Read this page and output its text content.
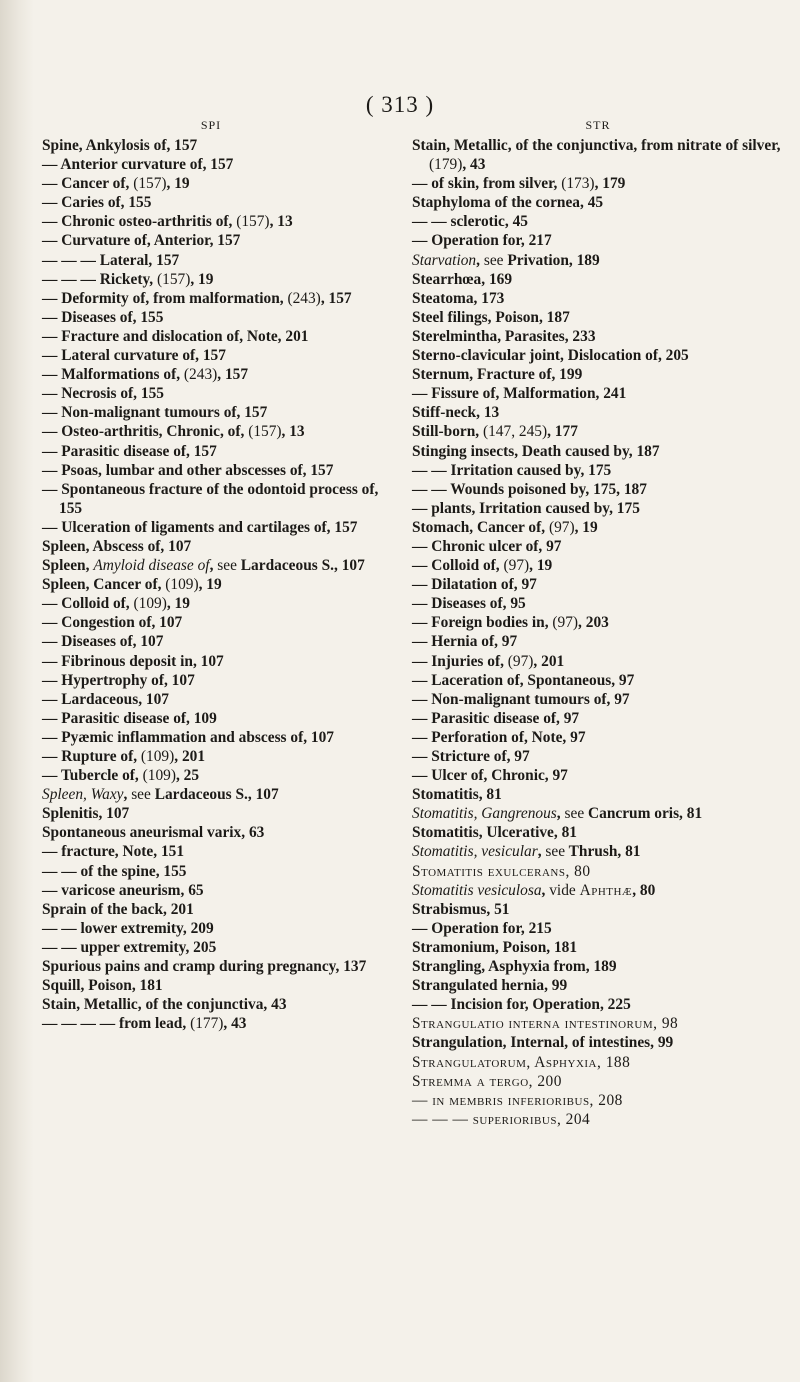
( 313 )
SPI
Spine, Ankylosis of, 157
— Anterior curvature of, 157
— Cancer of, (157), 19
— Caries of, 155
— Chronic osteo-arthritis of, (157), 13
— Curvature of, Anterior, 157
— — — Lateral, 157
— — — Rickety, (157), 19
— Deformity of, from malformation, (243), 157
— Diseases of, 155
— Fracture and dislocation of, Note, 201
— Lateral curvature of, 157
— Malformations of, (243), 157
— Necrosis of, 155
— Non-malignant tumours of, 157
— Osteo-arthritis, Chronic, of, (157), 13
— Parasitic disease of, 157
— Psoas, lumbar and other abscesses of, 157
— Spontaneous fracture of the odontoid process of, 155
— Ulceration of ligaments and cartilages of, 157
Spleen, Abscess of, 107
Spleen, Amyloid disease of, see Lardaceous S., 107
Spleen, Cancer of, (109), 19
— Colloid of, (109), 19
— Congestion of, 107
— Diseases of, 107
— Fibrinous deposit in, 107
— Hypertrophy of, 107
— Lardaceous, 107
— Parasitic disease of, 109
— Pyæmic inflammation and abscess of, 107
— Rupture of, (109), 201
— Tubercle of, (109), 25
Spleen, Waxy, see Lardaceous S., 107
Splenitis, 107
Spontaneous aneurismal varix, 63
— fracture, Note, 151
— — of the spine, 155
— varicose aneurism, 65
Sprain of the back, 201
— — lower extremity, 209
— — upper extremity, 205
Spurious pains and cramp during pregnancy, 137
Squill, Poison, 181
Stain, Metallic, of the conjunctiva, 43
— — — — from lead, (177), 43
STR
Stain, Metallic, of the conjunctiva, from nitrate of silver, (179), 43
— of skin, from silver, (173), 179
Staphyloma of the cornea, 45
— — sclerotic, 45
— Operation for, 217
Starvation, see Privation, 189
Stearrhœa, 169
Steatoma, 173
Steel filings, Poison, 187
Sterelmintha, Parasites, 233
Sterno-clavicular joint, Dislocation of, 205
Sternum, Fracture of, 199
— Fissure of, Malformation, 241
Stiff-neck, 13
Still-born, (147, 245), 177
Stinging insects, Death caused by, 187
— — Irritation caused by, 175
— — Wounds poisoned by, 175, 187
— plants, Irritation caused by, 175
Stomach, Cancer of, (97), 19
— Chronic ulcer of, 97
— Colloid of, (97), 19
— Dilatation of, 97
— Diseases of, 95
— Foreign bodies in, (97), 203
— Hernia of, 97
— Injuries of, (97), 201
— Laceration of, Spontaneous, 97
— Non-malignant tumours of, 97
— Parasitic disease of, 97
— Perforation of, Note, 97
— Stricture of, 97
— Ulcer of, Chronic, 97
Stomatitis, 81
Stomatitis, Gangrenous, see Cancrum oris, 81
Stomatitis, Ulcerative, 81
Stomatitis, vesicular, see Thrush, 81
Stomatitis exulcerans, 80
Stomatitis vesiculosa, vide Aphthæ, 80
Strabismus, 51
— Operation for, 215
Stramonium, Poison, 181
Strangling, Asphyxia from, 189
Strangulated hernia, 99
— — Incision for, Operation, 225
Strangulatio interna intestinorum, 98
Strangulation, Internal, of intestines, 99
Strangulatorum, Asphyxia, 188
Stremma a tergo, 200
— in membris inferioribus, 208
— — — superioribus, 204
